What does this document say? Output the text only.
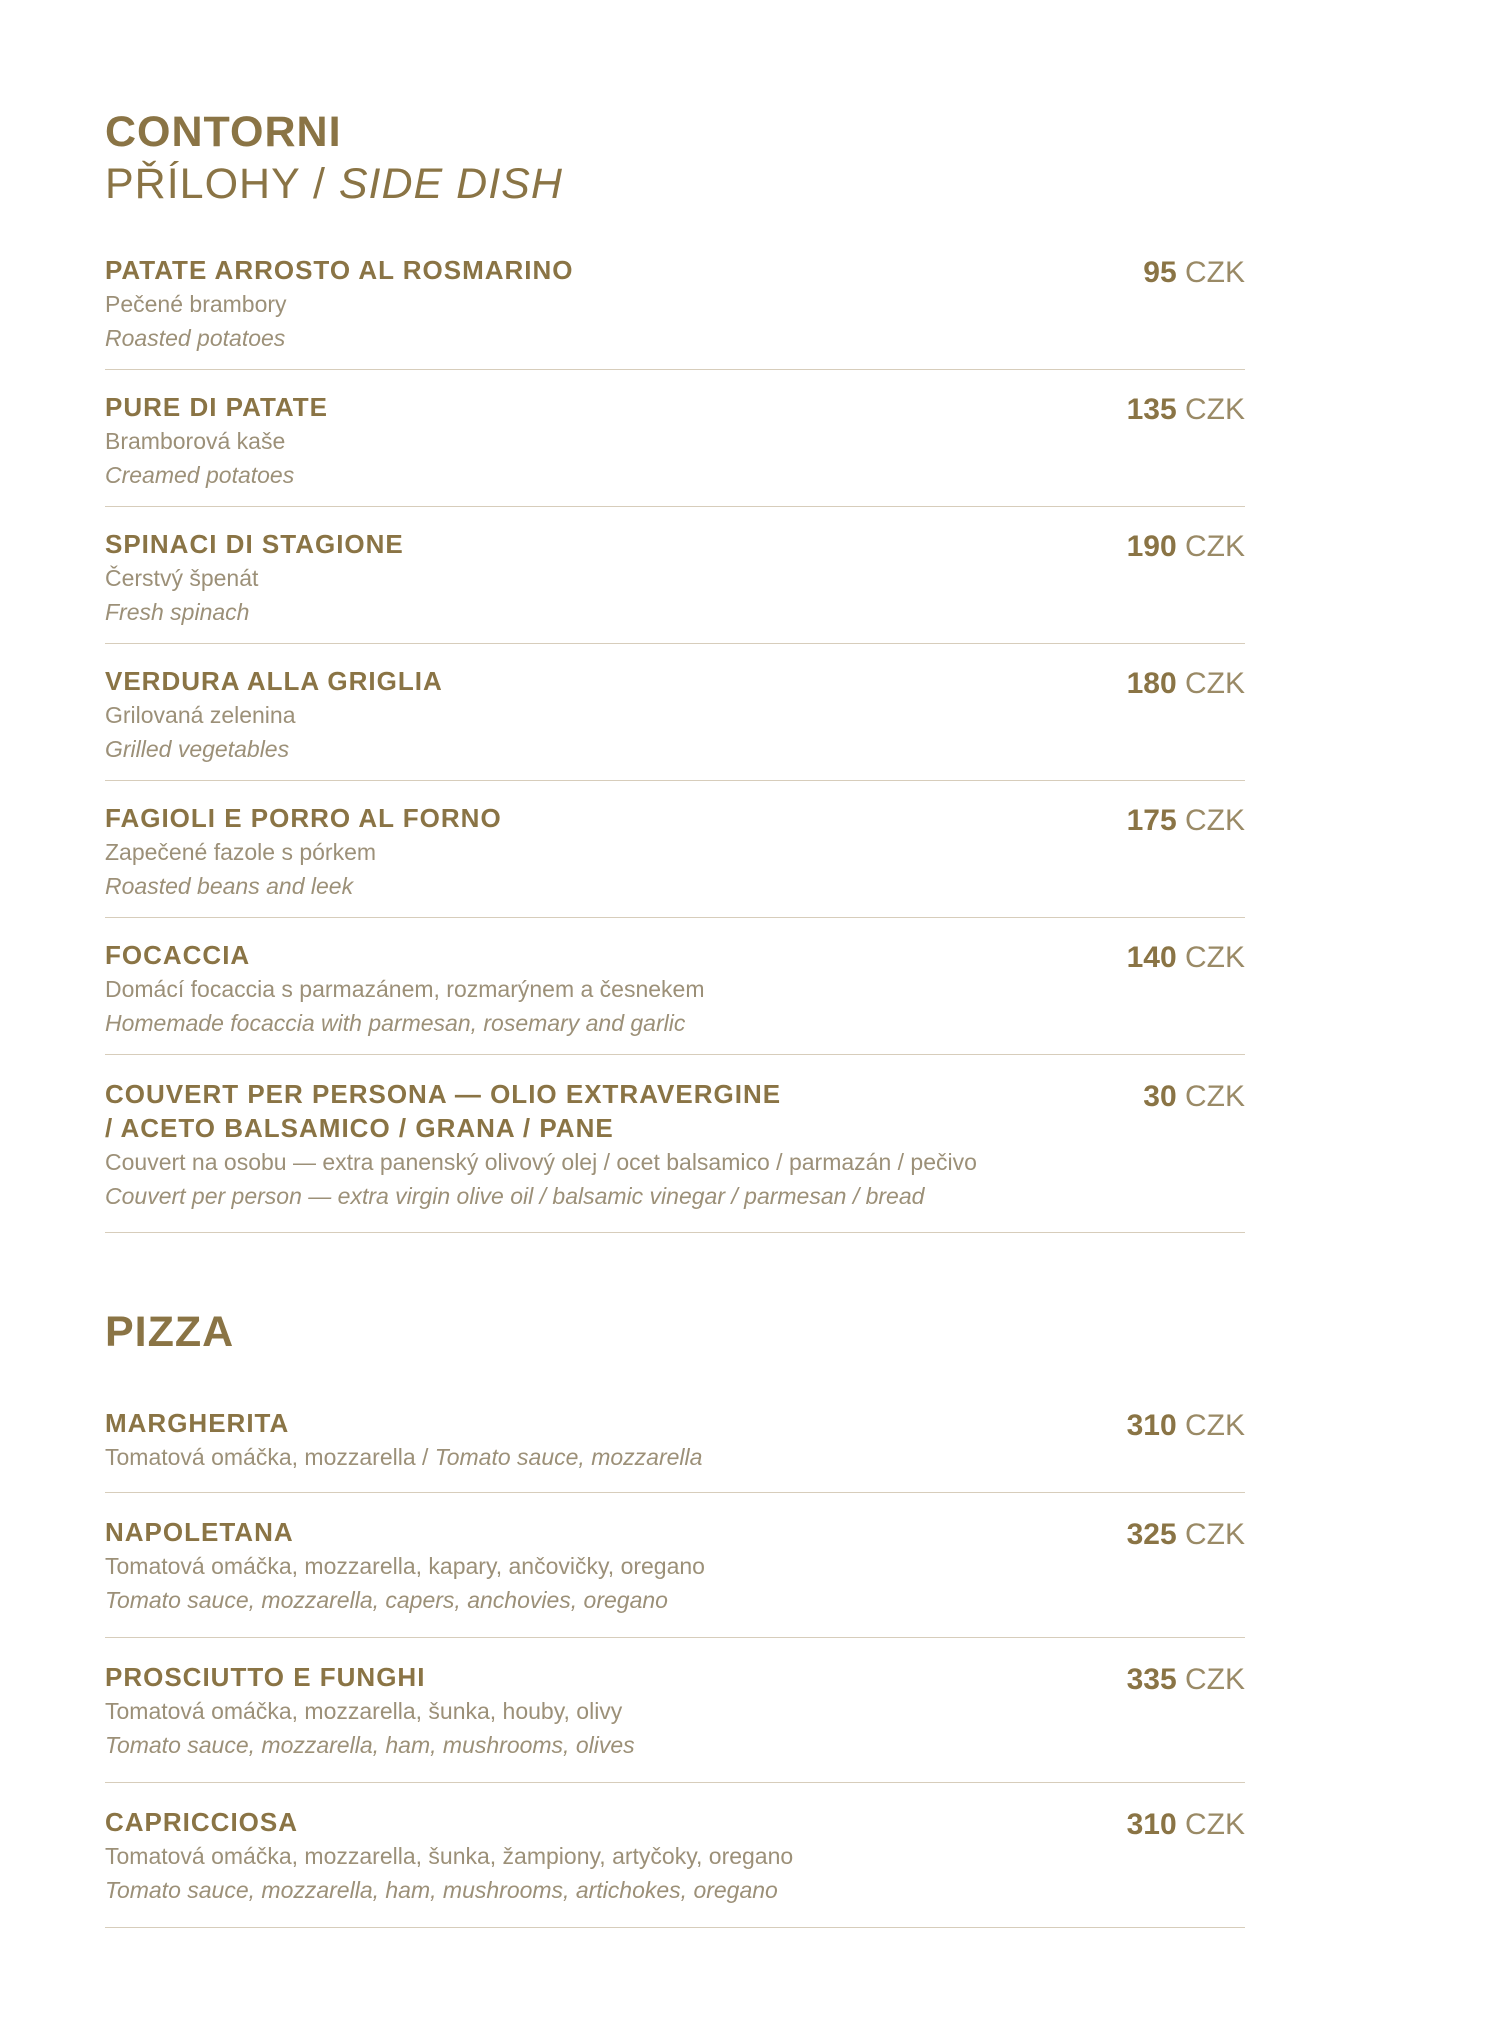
CONTORNI
PŘÍLOHY / SIDE DISH
PATATE ARROSTO AL ROSMARINO
Pečené brambory
Roasted potatoes
95 CZK
PURE DI PATATE
Bramborová kaše
Creamed potatoes
135 CZK
SPINACI DI STAGIONE
Čerstvý špenát
Fresh spinach
190 CZK
VERDURA ALLA GRIGLIA
Grilovaná zelenina
Grilled vegetables
180 CZK
FAGIOLI E PORRO AL FORNO
Zapečené fazole s pórkem
Roasted beans and leek
175 CZK
FOCACCIA
Domácí focaccia s parmazánem, rozmarýnem a česnekem
Homemade focaccia with parmesan, rosemary and garlic
140 CZK
COUVERT PER PERSONA — OLIO EXTRAVERGINE
/ ACETO BALSAMICO / GRANA / PANE
Couvert na osobu — extra panenský olivový olej / ocet balsamico / parmazán / pečivo
Couvert per person — extra virgin olive oil / balsamic vinegar / parmesan / bread
30 CZK
PIZZA
MARGHERITA
Tomatová omáčka, mozzarella / Tomato sauce, mozzarella
310 CZK
NAPOLETANA
Tomatová omáčka, mozzarella, kapary, ančovičky, oregano
Tomato sauce, mozzarella, capers, anchovies, oregano
325 CZK
PROSCIUTTO E FUNGHI
Tomatová omáčka, mozzarella, šunka, houby, olivy
Tomato sauce, mozzarella, ham, mushrooms, olives
335 CZK
CAPRICCIOSA
Tomatová omáčka, mozzarella, šunka, žampiony, artyčoky, oregano
Tomato sauce, mozzarella, ham, mushrooms, artichokes, oregano
310 CZK
